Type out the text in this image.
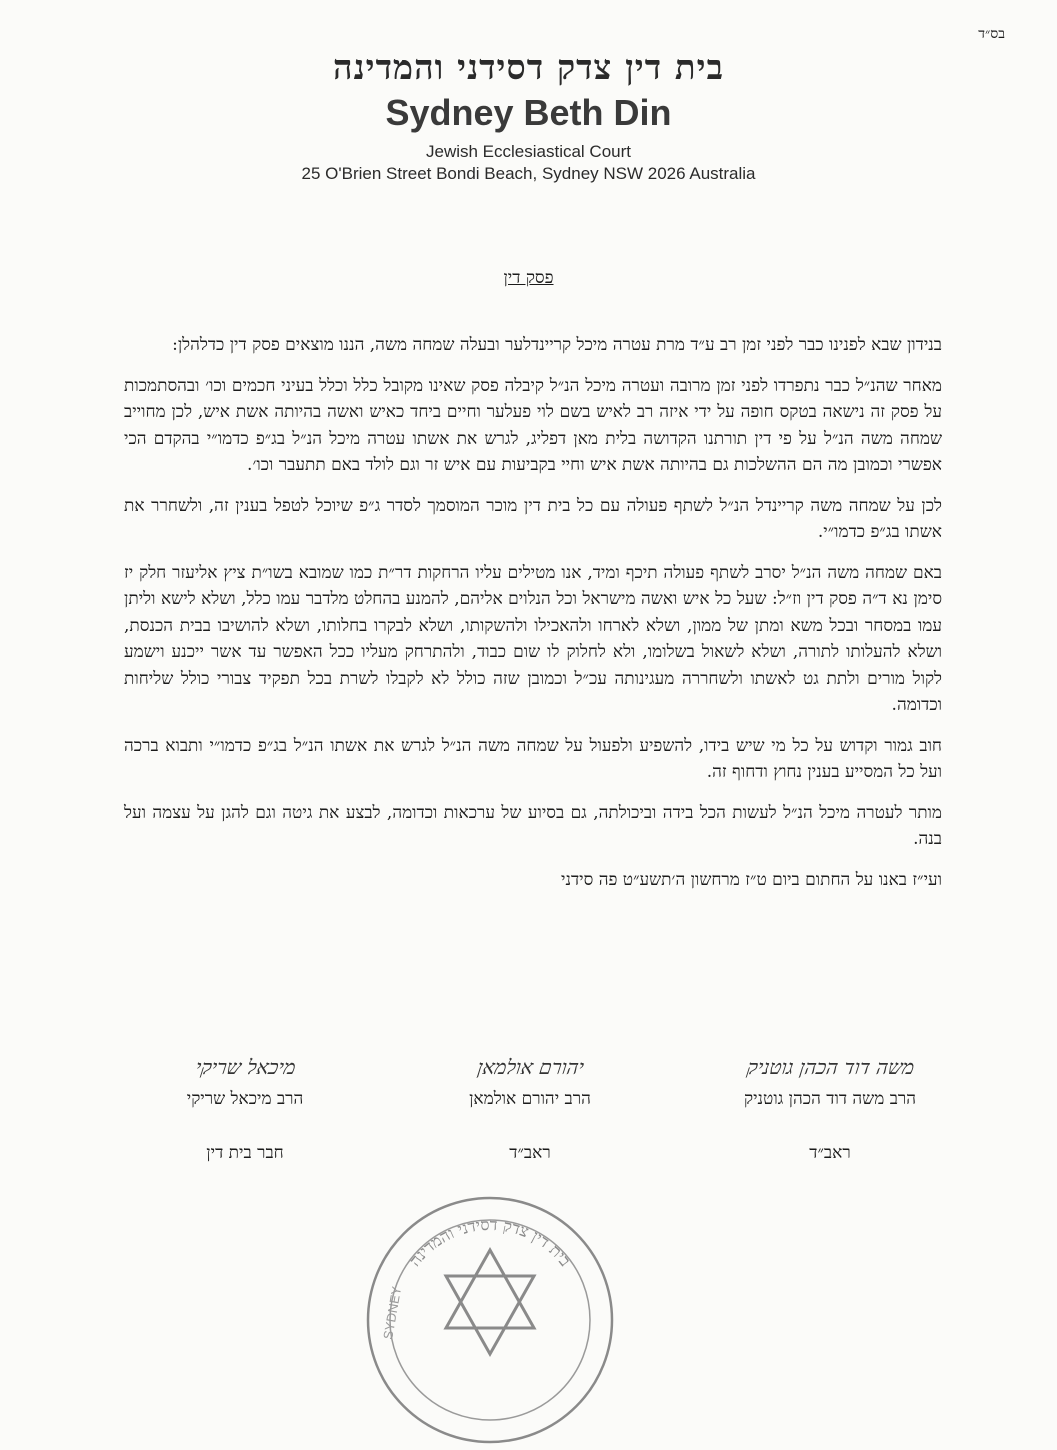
בס״ד
בית דין צדק דסידני והמדינה
Sydney Beth Din
Jewish Ecclesiastical Court
25 O'Brien Street Bondi Beach, Sydney NSW 2026 Australia
פסק דין

בנידון שבא לפנינו כבר לפני זמן רב ע״ד מרת עטרה מיכל קריינדלער ובעלה שמחה משה, הננו מוצאים פסק דין כדלהלן:

מאחר שהנ״ל כבר נתפרדו לפני זמן מרובה ועטרה מיכל הנ״ל קיבלה פסק שאינו מקובל כלל וכלל בעיני חכמים וכו׳ ובהסתמכות על פסק זה נישאה בטקס חופה על ידי איזה רב לאיש בשם לוי פעלער וחיים ביחד כאיש ואשה בהיותה אשת איש, לכן מחוייב שמחה משה הנ״ל על פי דין תורתנו הקדושה בלית מאן דפליג, לגרש את אשתו עטרה מיכל הנ״ל בג״פ כדמו״י בהקדם הכי אפשרי וכמובן מה הם ההשלכות גם בהיותה אשת איש וחיי בקביעות עם איש זר וגם לולד באם תתעבר וכו׳.

לכן על שמחה משה קריינדל הנ״ל לשתף פעולה עם כל בית דין מוכר המוסמך לסדר ג״פ שיוכל לטפל בענין זה, ולשחרר את אשתו בג״פ כדמו״י.

באם שמחה משה הנ״ל יסרב לשתף פעולה תיכף ומיד, אנו מטילים עליו הרחקות דר״ת כמו שמובא בשו״ת ציץ אליעזר חלק יז סימן נא ד״ה פסק דין וז״ל: שעל כל איש ואשה מישראל וכל הנלוים אליהם, להמנע בהחלט מלדבר עמו כלל, ושלא לישא וליתן עמו במסחר ובכל משא ומתן של ממון, ושלא לארחו ולהאכילו ולהשקותו, ושלא לבקרו בחלותו, ושלא להושיבו בבית הכנסת, ושלא להעלותו לתורה, ושלא לשאול בשלומו, ולא לחלוק לו שום כבוד, ולהתרחק מעליו ככל האפשר עד אשר ייכנע וישמע לקול מורים ולתת גט לאשתו ולשחררה מעגינותה עכ״ל וכמובן שזה כולל לא לקבלו לשרת בכל תפקיד צבורי כולל שליחות וכדומה.

חוב גמור וקדוש על כל מי שיש בידו, להשפיע ולפעול על שמחה משה הנ״ל לגרש את אשתו הנ״ל בג״פ כדמו״י ותבוא ברכה ועל כל המסייע בענין נחוץ ודחוף זה.

מותר לעטרה מיכל הנ״ל לעשות הכל בידה וביכולתה, גם בסיוע של ערכאות וכדומה, לבצע את גיטה וגם להגן על עצמה ועל בנה.

ועי״ז באנו על החתום ביום ט״ז מרחשון ה׳תשע״ט פה סידני

משה דוד הכהן גוטניק
הרב משה דוד הכהן גוטניק
ראב״ד
יהורם אולמאן
הרב יהורם אולמאן
ראב״ד
מיכאל שריקי
הרב מיכאל שריקי
חבר בית דין
בית דין צדק דסידני והמדינה
SYDNEY
